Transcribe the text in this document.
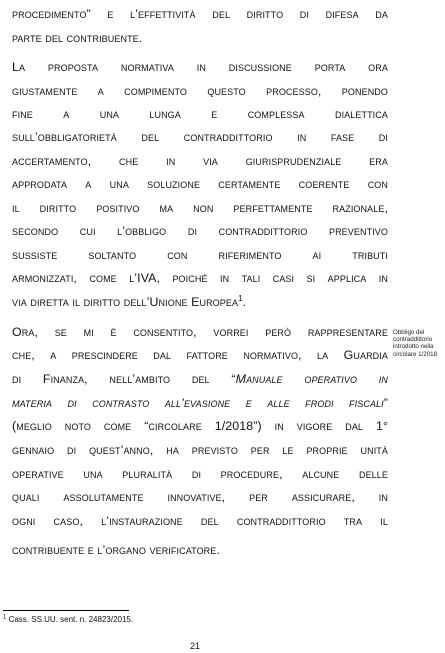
procedimento” e l’effettività del diritto di difesa da
parte del contribuente.
La proposta normativa in discussione porta ora
giustamente a compimento questo processo, ponendo
fine a una lunga e complessa dialettica
sull’obbligatorietà del contraddittorio in fase di
accertamento, che in via giurisprudenziale era
approdata a una soluzione certamente coerente con
il diritto positivo ma non perfettamente razionale,
secondo cui l’obbligo di contraddittorio preventivo
sussiste soltanto con riferimento ai tributi
armonizzati, come l’IVA, poiché in tali casi si applica in
via diretta il diritto dell’Unione Europea$^1$.
Ora, se mi è consentito, vorrei però rappresentare
che, a prescindere dal fattore normativo, la Guardia
di Finanza, nell’ambito del “Manuale operativo in
materia di contrasto all’evasione e alle frodi fiscali”
(meglio noto come “circolare 1/2018”) in vigore dal 1°
gennaio di quest’anno, ha previsto per le proprie unità
operative una pluralità di procedure, alcune delle
quali assolutamente innovative, per assicurare, in
ogni caso, l’instaurazione del contraddittorio tra il
contribuente e l’organo verificatore.
Obbligo del
contraddittorio
introdotto nella
circolare 1/2018
$^1$ Cass. SS.UU. sent. n. 24823/2015.
21
